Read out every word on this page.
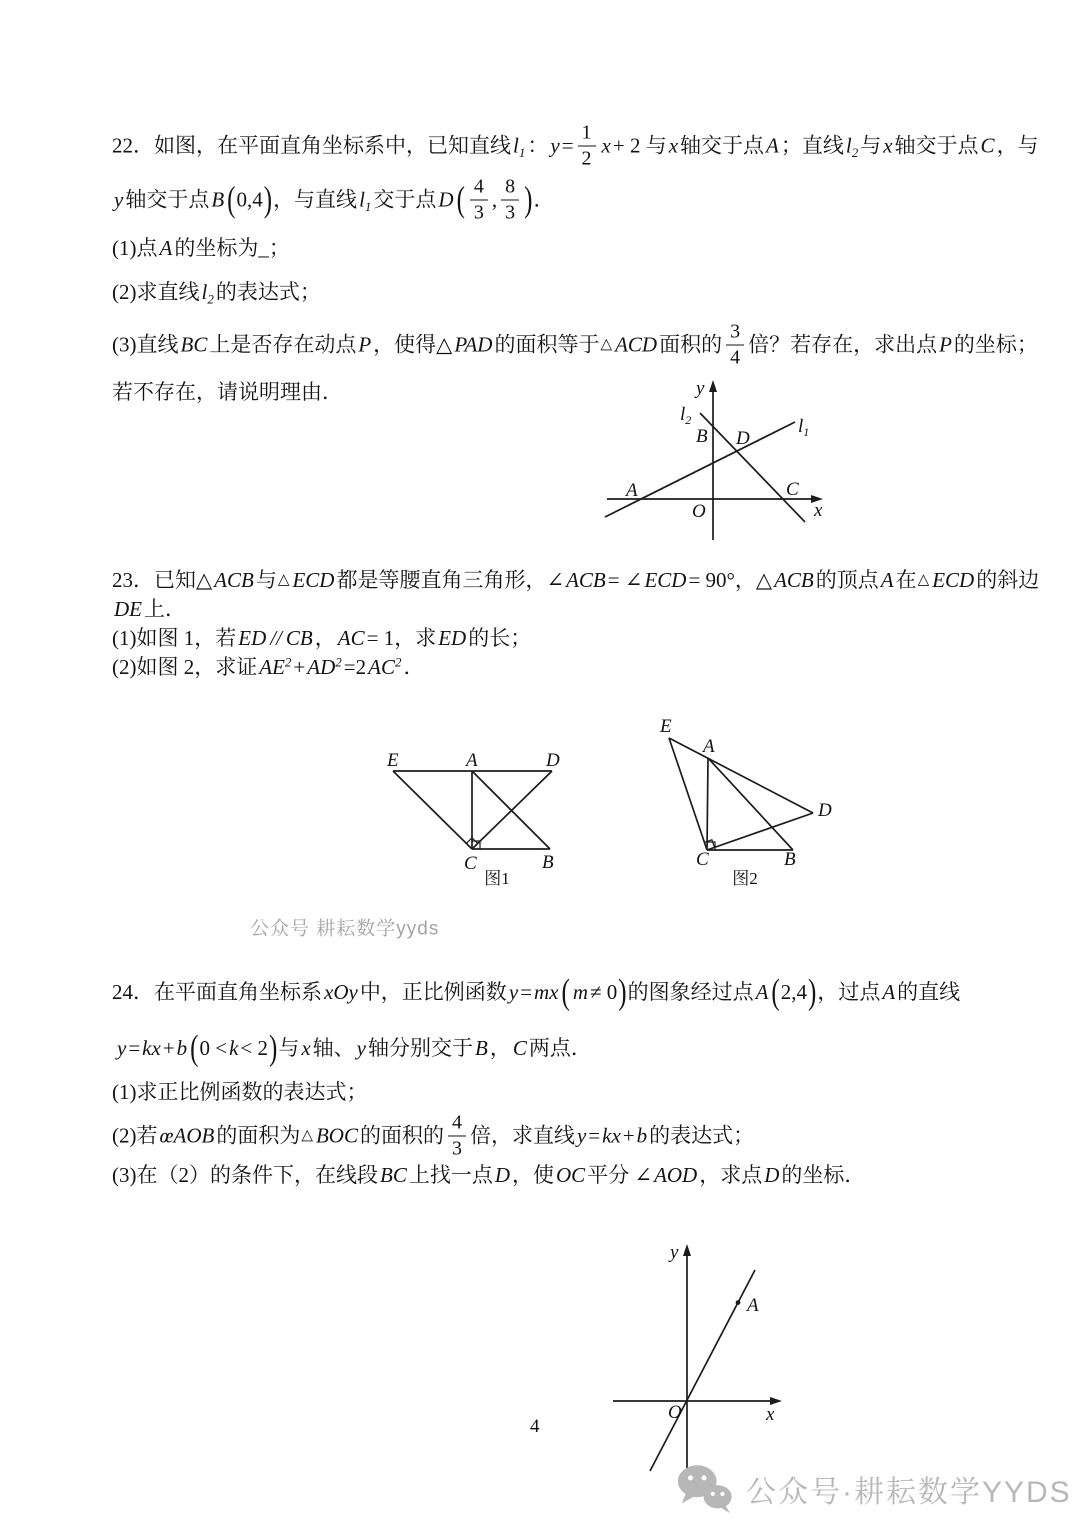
22．如图，在平面直角坐标系中，已知直线 $l_1$ ： $y = \frac{1}{2}$ x + 2 与 x 轴交于点 A ；直线 $l_2$ 与 x 轴交于点 C ，与
y 轴交于点 B ( 0,4 ) ，与直线 $l_1$ 交于点 D ( $\frac{4}{3}$ , $\frac{8}{3}$ ) ．
(1)点 A 的坐标为_；
(2)求直线 $l_2$ 的表达式；
(3)直线 BC 上是否存在动点 P ，使得△ PAD 的面积等于 △ ACD 面积的 $\frac{3}{4}$ 倍？若存在，求出点 P 的坐标；
若不存在，请说明理由．	y
x
O
$l_2$	$l_1$
B D
A	C
23．已知△ ACB 与 △ ECD 都是等腰直角三角形，∠ ACB = ∠ ECD = 90°，△ ACB 的顶点 A 在 △ ECD 的斜边
DE 上．
(1)如图 1，若 ED // CB ， AC = 1，求 ED 的长；
(2)如图 2，求证 $AE^2 + AD^2 = 2$ $AC^2$ ．
E	A	D
C	B
图1
E
A
D
C	B
图2
公众号 耕耘数学yyds
24．在平面直角坐标系 xOy 中，正比例函数 y = mx ( m ≠ 0 ) 的图象经过点 A ( 2,4 ) ，过点 A 的直线
y = kx + b ( 0 < k < 2 ) 与 x 轴、 y 轴分别交于 B ， C 两点．
(1)求正比例函数的表达式；
(2)若 œAOB 的面积为 △ BOC 的面积的 $\frac{4}{3}$ 倍，求直线 y = kx + b 的表达式；
(3)在（2）的条件下，在线段 BC 上找一点 D ，使 OC 平分 ∠ AOD ，求点 D 的坐标．
y
x
O
A
4
公众号·耕耘数学YYDS
